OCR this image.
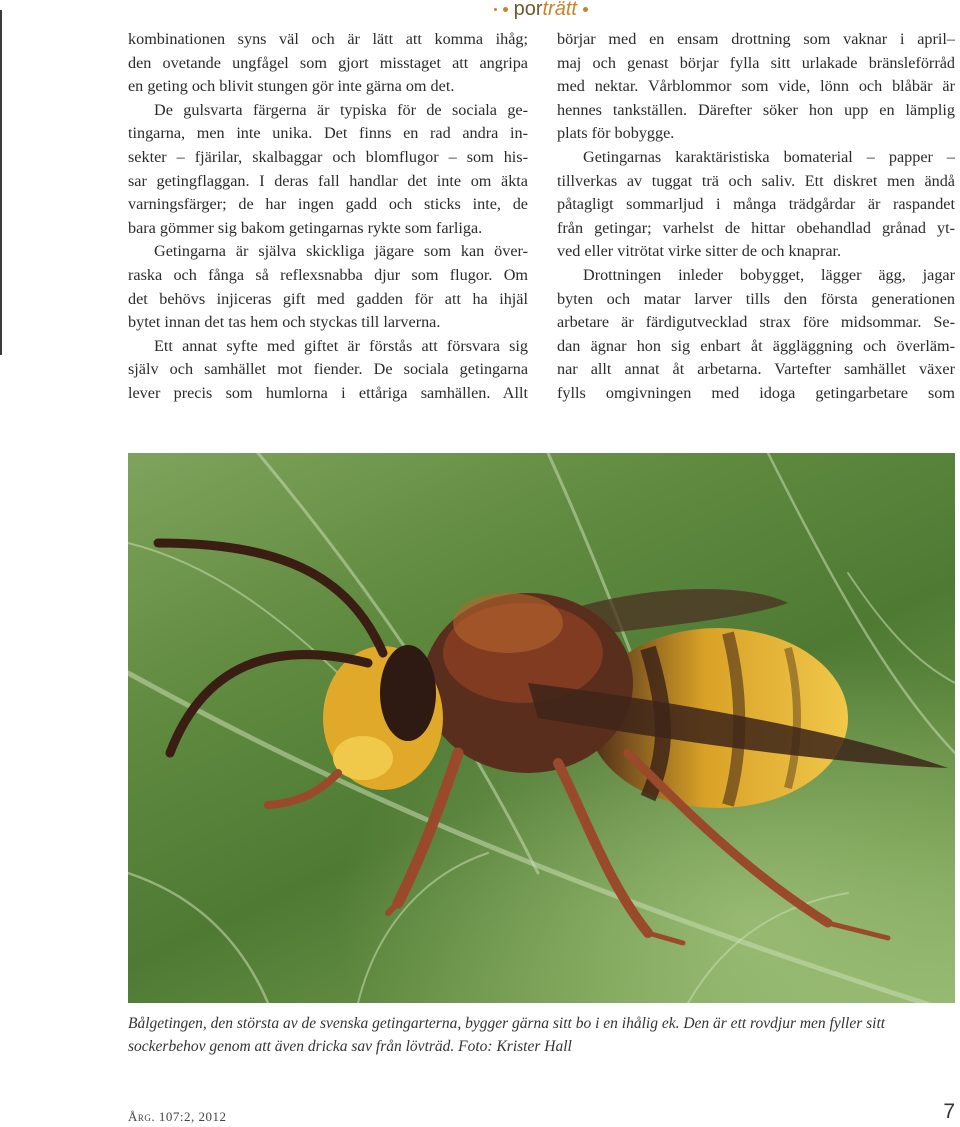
porträtt

kombinationen syns väl och är lätt att komma ihåg;

den ovetande ungfågel som gjort misstaget att angripa

en geting och blivit stungen gör inte gärna om det.

De gulsvarta färgerna är typiska för de sociala ge-

tingarna, men inte unika. Det finns en rad andra in-

sekter – fjärilar, skalbaggar och blomflugor – som his-

sar getingflaggan. I deras fall handlar det inte om äkta

varningsfärger; de har ingen gadd och sticks inte, de

bara gömmer sig bakom getingarnas rykte som farliga.

Getingarna är själva skickliga jägare som kan över-

raska och fånga så reflexsnabba djur som flugor. Om

det behövs injiceras gift med gadden för att ha ihjäl

bytet innan det tas hem och styckas till larverna.

Ett annat syfte med giftet är förstås att försvara sig

själv och samhället mot fiender. De sociala getingarna

lever precis som humlorna i ettåriga samhällen. Allt

börjar med en ensam drottning som vaknar i april–

maj och genast börjar fylla sitt urlakade bränsleförråd

med nektar. Vårblommor som vide, lönn och blåbär är

hennes tankställen. Därefter söker hon upp en lämplig

plats för bobygge.

Getingarnas karaktäristiska bomaterial – papper –

tillverkas av tuggat trä och saliv. Ett diskret men ändå

påtagligt sommarljud i många trädgårdar är raspandet

från getingar; varhelst de hittar obehandlad grånad yt-

ved eller vitrötat virke sitter de och knaprar.

Drottningen inleder bobygget, lägger ägg, jagar

byten och matar larver tills den första generationen

arbetare är färdigutvecklad strax före midsommar. Se-

dan ägnar hon sig enbart åt äggläggning och överläm-

nar allt annat åt arbetarna. Vartefter samhället växer

fylls omgivningen med idoga getingarbetare som

Bålgetingen, den största av de svenska getingarterna, bygger gärna sitt bo i en ihålig ek. Den är ett rovdjur men fyller sitt
sockerbehov genom att även dricka sav från lövträd. Foto: Krister Hall
Årg. 107:2, 2012	7
